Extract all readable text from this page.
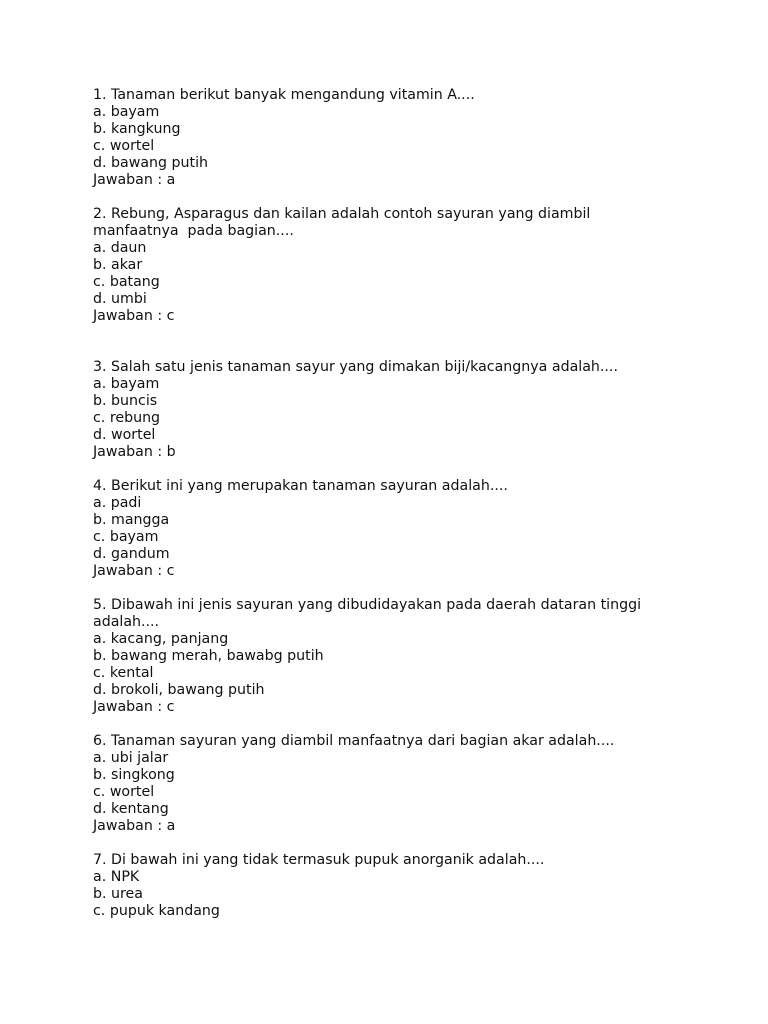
1. Tanaman berikut banyak mengandung vitamin A....
a. bayam
b. kangkung
c. wortel
d. bawang putih
Jawaban : a
2. Rebung, Asparagus dan kailan adalah contoh sayuran yang diambil manfaatnya  pada bagian....
a. daun
b. akar
c. batang
d. umbi
Jawaban : c
3. Salah satu jenis tanaman sayur yang dimakan biji/kacangnya adalah....
a. bayam
b. buncis
c. rebung
d. wortel
Jawaban : b
4. Berikut ini yang merupakan tanaman sayuran adalah....
a. padi
b. mangga
c. bayam
d. gandum
Jawaban : c
5. Dibawah ini jenis sayuran yang dibudidayakan pada daerah dataran tinggi adalah....
a. kacang, panjang
b. bawang merah, bawabg putih
c. kental
d. brokoli, bawang putih
Jawaban : c
6. Tanaman sayuran yang diambil manfaatnya dari bagian akar adalah....
a. ubi jalar
b. singkong
c. wortel
d. kentang
Jawaban : a
7. Di bawah ini yang tidak termasuk pupuk anorganik adalah....
a. NPK
b. urea
c. pupuk kandang
